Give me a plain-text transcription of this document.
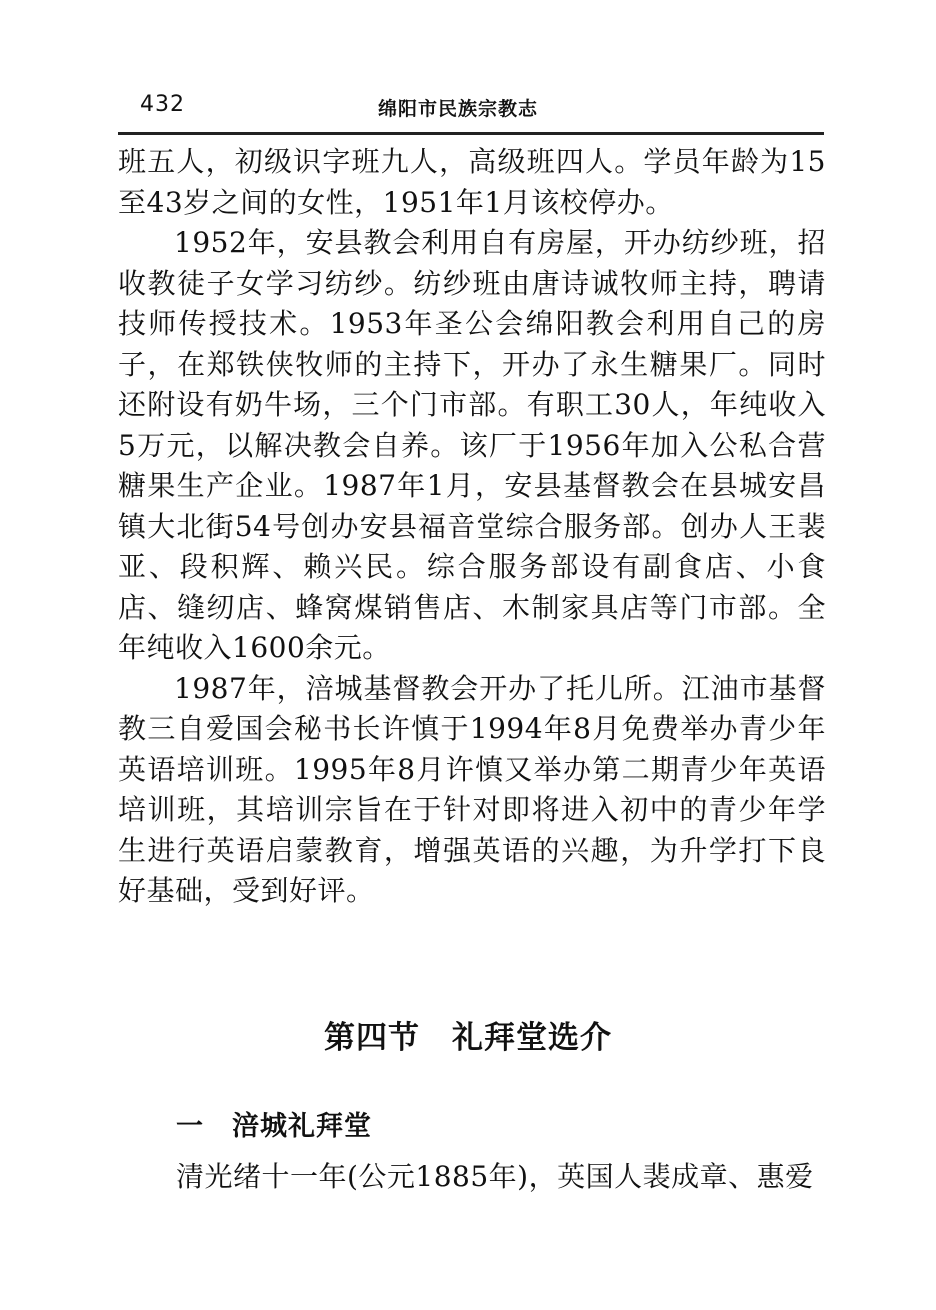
432	绵阳市民族宗教志

班五人，初级识字班九人，高级班四人。学员年龄为15至43岁之间的女性，1951年1月该校停办。

1952年，安县教会利用自有房屋，开办纺纱班，招收教徒子女学习纺纱。纺纱班由唐诗诚牧师主持，聘请技师传授技术。1953年圣公会绵阳教会利用自己的房子，在郑铁侠牧师的主持下，开办了永生糖果厂。同时还附设有奶牛场，三个门市部。有职工30人，年纯收入5万元，以解决教会自养。该厂于1956年加入公私合营糖果生产企业。1987年1月，安县基督教会在县城安昌镇大北街54号创办安县福音堂综合服务部。创办人王裴亚、段积辉、赖兴民。综合服务部设有副食店、小食店、缝纫店、蜂窝煤销售店、木制家具店等门市部。全年纯收入1600余元。

1987年，涪城基督教会开办了托儿所。江油市基督教三自爱国会秘书长许慎于1994年8月免费举办青少年英语培训班。1995年8月许慎又举办第二期青少年英语培训班，其培训宗旨在于针对即将进入初中的青少年学生进行英语启蒙教育，增强英语的兴趣，为升学打下良好基础，受到好评。

第四节　礼拜堂选介
一　涪城礼拜堂
清光绪十一年(公元1885年)，英国人裴成章、惠爱
